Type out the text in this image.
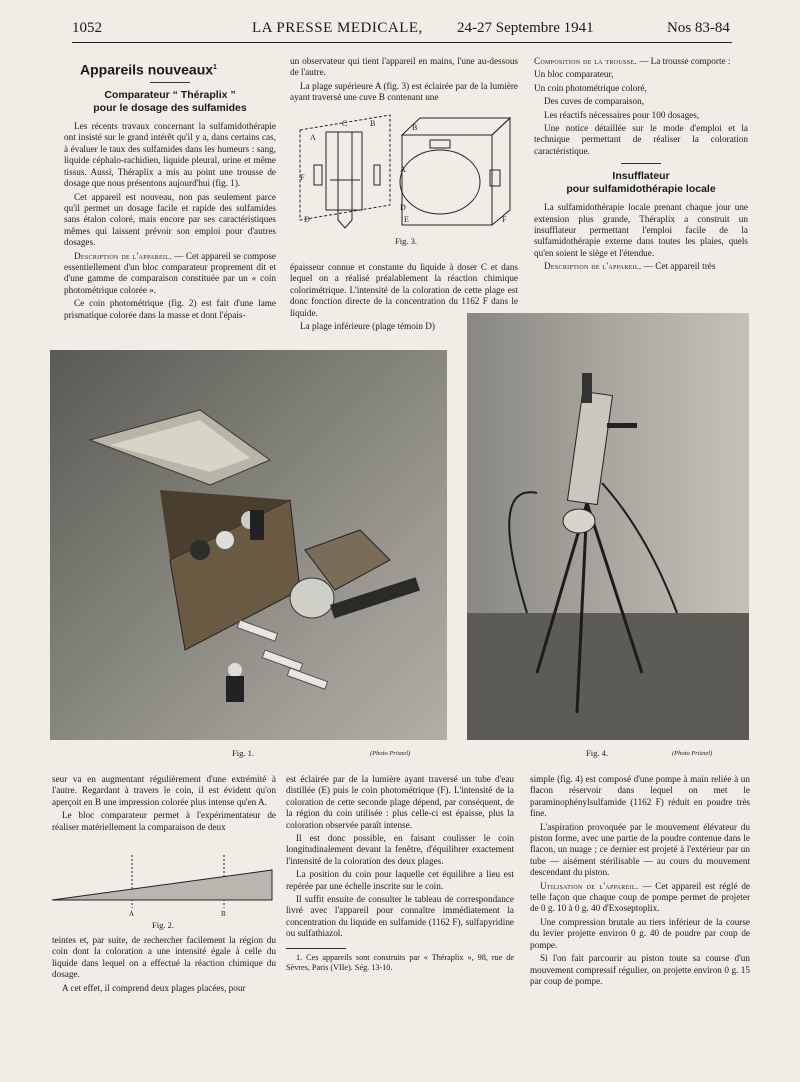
1052	LA PRESSE MEDICALE, 24-27 Septembre 1941	Nos 83-84
Appareils nouveaux$^1$
Comparateur “ Théraplix ”
pour le dosage des sulfamides

Les récents travaux concernant la sulfamidothérapie ont insisté sur le grand intérêt qu'il y a, dans certains cas, à évaluer le taux des sulfamides dans les humeurs : sang, liquide céphalo-rachidien, liquide pleural, urine et même tissus. Aussi, Théraplix a mis au point une trousse de dosage que nous présentons aujourd'hui (fig. 1).

Cet appareil est nouveau, non pas seulement parce qu'il permet un dosage facile et rapide des sulfamides sans étalon coloré, mais encore par ses caractéristiques mêmes qui laissent prévoir son emploi pour d'autres dosages.

Description de l'appareil. — Cet appareil se compose essentiellement d'un bloc comparateur proprement dit et d'une gamme de comparaison constituée par un « coin photométrique colorée ».

Ce coin photométrique (fig. 2) est fait d'une lame prismatique colorée dans la masse et dont l'épais-

un observateur qui tient l'appareil en mains, l'une au-dessous de l'autre.

La plage supérieure A (fig. 3) est éclairée par de la lumière ayant traversé une cuve B contenant une

A
C	B
F
D
B
A
D
E	F
Fig. 3.

épaisseur connue et constante du liquide à doser C et dans lequel on a réalisé préalablement la réaction chimique colorimétrique. L'intensité de la coloration de cette plage est donc fonction directe de la concentration du 1162 F dans le liquide.

La plage inférieure (plage témoin D)

Composition de la trousse. — La trousse comporte :

Un bloc comparateur,

Un coin photométrique coloré,

Des cuves de comparaison,

Les réactifs nécessaires pour 100 dosages,

Une notice détaillée sur le mode d'emploi et la technique permettant de réaliser la coloration caractéristique.

Insufflateur
pour sulfamidothérapie locale

La sulfamidothérapie locale prenant chaque jour une extension plus grande, Théraplix a construit un insufflateur permettant l'emploi facile de la sulfamidothérapie externe dans toutes les plaies, quels qu'en soient le siège et l'étendue.

Description de l'appareil. — Cet appareil très

Fig. 1.	(Photo Prisnel)	Fig. 4.	(Photo Prisnel)

seur va en augmentant régulièrement d'une extrémité à l'autre. Regardant à travers le coin, il est évident qu'on aperçoit en B une impression colorée plus intense qu'en A.

Le bloc comparateur permet à l'expérimentateur de réaliser matériellement la comparaison de deux

A	B
Fig. 2.

teintes et, par suite, de rechercher facilement la région du coin dont la coloration a une intensité égale à celle du liquide dans lequel on a effectué la réaction chimique du dosage.

A cet effet, il comprend deux plages placées, pour

est éclairée par de la lumière ayant traversé un tube d'eau distillée (E) puis le coin photométrique (F). L'intensité de la coloration de cette seconde plage dépend, par conséquent, de la région du coin utilisée : plus celle-ci est épaisse, plus la coloration observée paraît intense.

Il est donc possible, en faisant coulisser le coin longitudinalement devant la fenêtre, d'équilibrer exactement l'intensité de la coloration des deux plages.

La position du coin pour laquelle cet équilibre a lieu est repérée par une échelle inscrite sur le coin.

Il suffit ensuite de consulter le tableau de correspondance livré avec l'appareil pour connaître immédiatement la concentration du liquide en sulfamide (1162 F), sulfapyridine ou sulfathiazol.

1. Ces appareils sont construits par « Théraplix », 98, rue de Sèvres, Paris (VIIe). Ség. 13-10.

simple (fig. 4) est composé d'une pompe à main reliée à un flacon réservoir dans lequel on met le paraminophénylsulfamide (1162 F) réduit en poudre très fine.

L'aspiration provoquée par le mouvement élévateur du piston forme, avec une partie de la poudre contenue dans le flacon, un nuage ; ce dernier est projeté à l'extérieur par un tube — aisément stérilisable — au cours du mouvement descendant du piston.

Utilisation de l'appareil. — Cet appareil est réglé de telle façon que chaque coup de pompe permet de projeter de 0 g. 10 à 0 g. 40 d'Exoseptoplix.

Une compression brutale au tiers inférieur de la course du levier projette environ 0 g. 40 de poudre par coup de pompe.

Si l'on fait parcourir au piston toute sa course d'un mouvement compressif régulier, on projette environ 0 g. 15 par coup de pompe.
